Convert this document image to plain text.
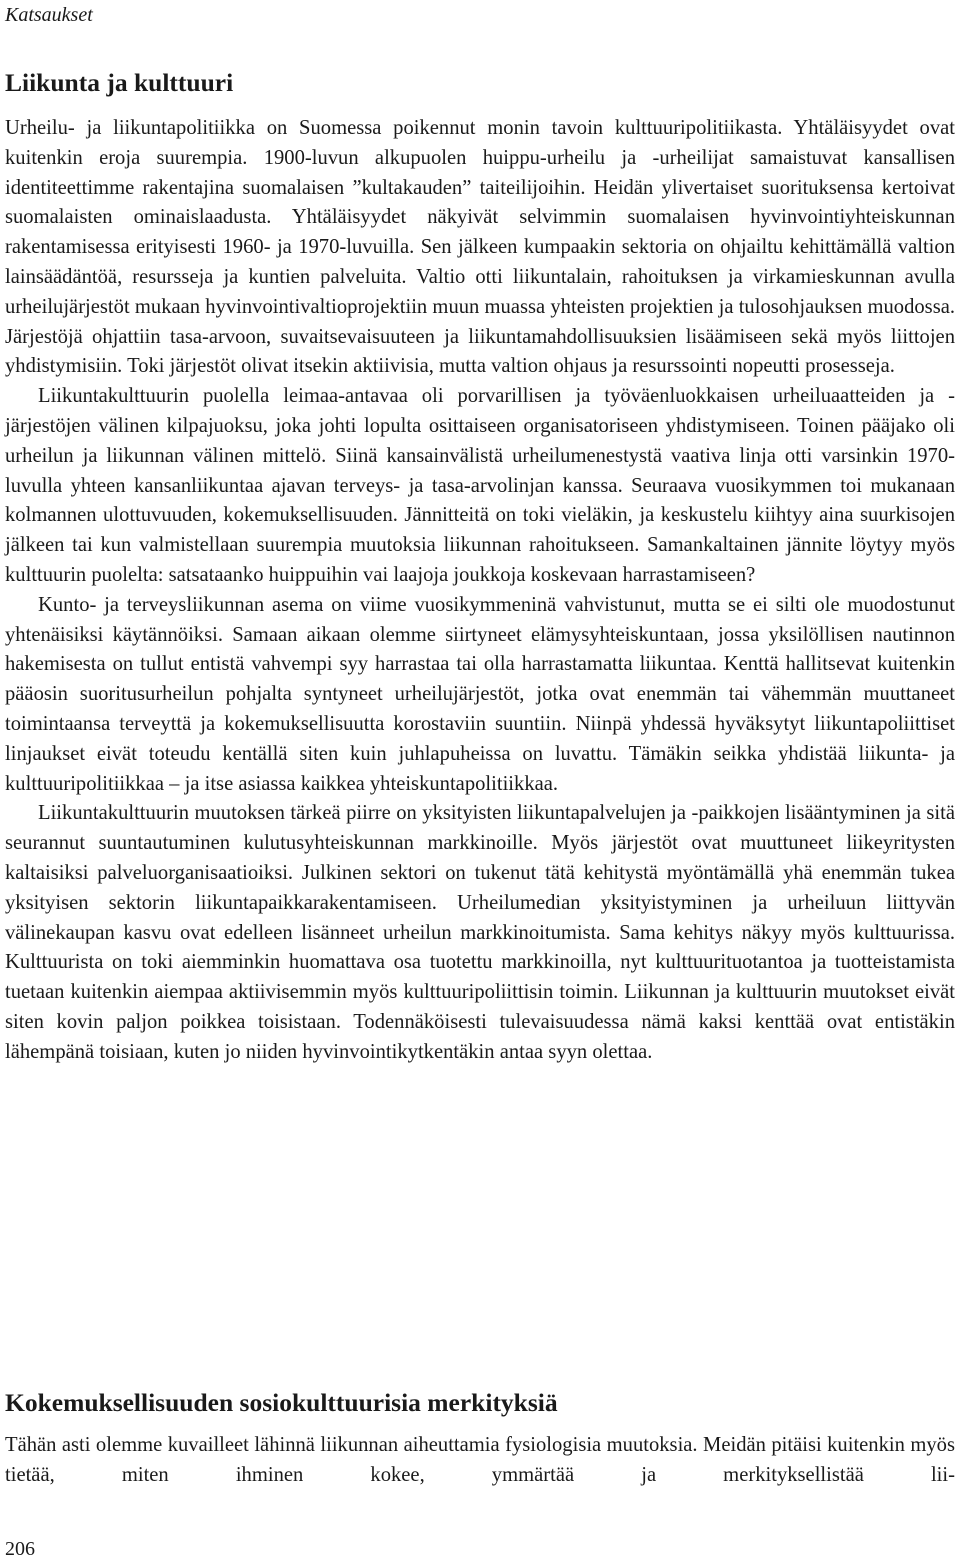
Katsaukset
Liikunta ja kulttuuri

Urheilu- ja liikuntapolitiikka on Suomessa poikennut monin tavoin kulttuuripolitiikasta. Yhtäläisyydet ovat kuitenkin eroja suurempia. 1900-luvun alkupuolen huippu-urheilu ja -urheilijat samaistuvat kansallisen identiteettimme rakentajina suomalaisen ”kultakauden” taiteilijoihin. Heidän ylivertaiset suorituksensa kertoivat suomalaisten ominaislaadusta. Yhtäläisyydet näkyivät selvimmin suomalaisen hyvinvointiyhteiskunnan rakentamisessa erityisesti 1960- ja 1970-luvuilla. Sen jälkeen kumpaakin sektoria on ohjailtu kehittämällä valtion lainsäädäntöä, resursseja ja kuntien palveluita. Valtio otti liikuntalain, rahoituksen ja virkamieskunnan avulla urheilujärjestöt mukaan hyvinvointivaltioprojektiin muun muassa yhteisten projektien ja tulosohjauksen muodossa. Järjestöjä ohjattiin tasa-arvoon, suvaitsevaisuuteen ja liikuntamahdollisuuksien lisäämiseen sekä myös liittojen yhdistymisiin. Toki järjestöt olivat itsekin aktiivisia, mutta valtion ohjaus ja resurssointi nopeutti prosesseja.

Liikuntakulttuurin puolella leimaa-antavaa oli porvarillisen ja työväenluokkaisen urheiluaatteiden ja -järjestöjen välinen kilpajuoksu, joka johti lopulta osittaiseen organisatoriseen yhdistymiseen. Toinen pääjako oli urheilun ja liikunnan välinen mittelö. Siinä kansainvälistä urheilumenestystä vaativa linja otti varsinkin 1970-luvulla yhteen kansanliikuntaa ajavan terveys- ja tasa-arvolinjan kanssa. Seuraava vuosikymmen toi mukanaan kolmannen ulottuvuuden, kokemuksellisuuden. Jännitteitä on toki vieläkin, ja keskustelu kiihtyy aina suurkisojen jälkeen tai kun valmistellaan suurempia muutoksia liikunnan rahoitukseen. Samankaltainen jännite löytyy myös kulttuurin puolelta: satsataanko huippuihin vai laajoja joukkoja koskevaan harrastamiseen?

Kunto- ja terveysliikunnan asema on viime vuosikymmeninä vahvistunut, mutta se ei silti ole muodostunut yhtenäisiksi käytännöiksi. Samaan aikaan olemme siirtyneet elämysyhteiskuntaan, jossa yksilöllisen nautinnon hakemisesta on tullut entistä vahvempi syy harrastaa tai olla harrastamatta liikuntaa. Kenttä hallitsevat kuitenkin pääosin suoritusurheilun pohjalta syntyneet urheilujärjestöt, jotka ovat enemmän tai vähemmän muuttaneet toimintaansa terveyttä ja kokemuksellisuutta korostaviin suuntiin. Niinpä yhdessä hyväksytyt liikuntapoliittiset linjaukset eivät toteudu kentällä siten kuin juhlapuheissa on luvattu. Tämäkin seikka yhdistää liikunta- ja kulttuuripolitiikkaa – ja itse asiassa kaikkea yhteiskuntapolitiikkaa.

Liikuntakulttuurin muutoksen tärkeä piirre on yksityisten liikuntapalvelujen ja -paikkojen lisääntyminen ja sitä seurannut suuntautuminen kulutusyhteiskunnan markkinoille. Myös järjestöt ovat muuttuneet liikeyritysten kaltaisiksi palveluorganisaatioiksi. Julkinen sektori on tukenut tätä kehitystä myöntämällä yhä enemmän tukea yksityisen sektorin liikuntapaikkarakentamiseen. Urheilumedian yksityistyminen ja urheiluun liittyvän välinekaupan kasvu ovat edelleen lisänneet urheilun markkinoitumista. Sama kehitys näkyy myös kulttuurissa. Kulttuurista on toki aiemminkin huomattava osa tuotettu markkinoilla, nyt kulttuurituotantoa ja tuotteistamista tuetaan kuitenkin aiempaa aktiivisemmin myös kulttuuripoliittisin toimin. Liikunnan ja kulttuurin muutokset eivät siten kovin paljon poikkea toisistaan. Todennäköisesti tulevaisuudessa nämä kaksi kenttää ovat entistäkin lähempänä toisiaan, kuten jo niiden hyvinvointikytkentäkin antaa syyn olettaa.

Kokemuksellisuuden sosiokulttuurisia merkityksiä

Tähän asti olemme kuvailleet lähinnä liikunnan aiheuttamia fysiologisia muutoksia. Meidän pitäisi kuitenkin myös tietää, miten ihminen kokee, ymmärtää ja merkityksellistää lii-

206
